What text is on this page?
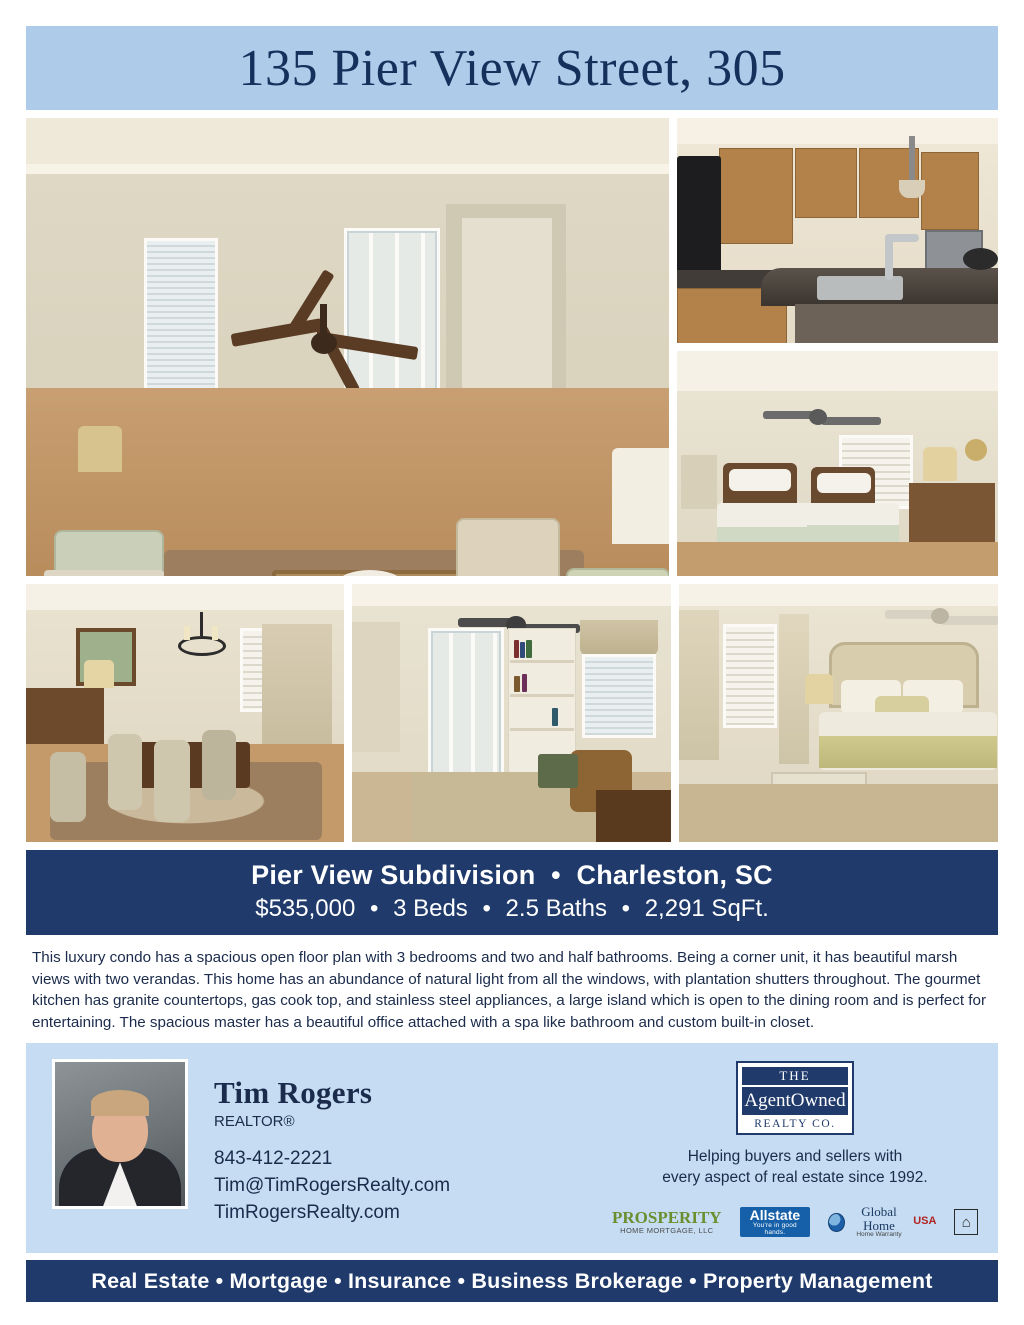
135 Pier View Street, 305
Pier View Subdivision • Charleston, SC
$535,000 • 3 Beds • 2.5 Baths • 2,291 SqFt.
This luxury condo has a spacious open floor plan with 3 bedrooms and two and half bathrooms. Being a corner unit, it has beautiful marsh views with two verandas. This home has an abundance of natural light from all the windows, with plantation shutters throughout. The gourmet kitchen has granite countertops, gas cook top, and stainless steel appliances, a large island which is open to the dining room and is perfect for entertaining. The spacious master has a beautiful office attached with a spa like bathroom and custom built-in closet.
Tim Rogers
REALTOR®
843-412-2221
Tim@TimRogersRealty.com
TimRogersRealty.com
THE
AgentOwned
REALTY CO.
Helping buyers and sellers with
every aspect of real estate since 1992.
PROSPERITY
HOME MORTGAGE, LLC
Allstate
You're in good hands.
Global Home
Home Warranty
USA	⌂
Real Estate • Mortgage • Insurance • Business Brokerage • Property Management
